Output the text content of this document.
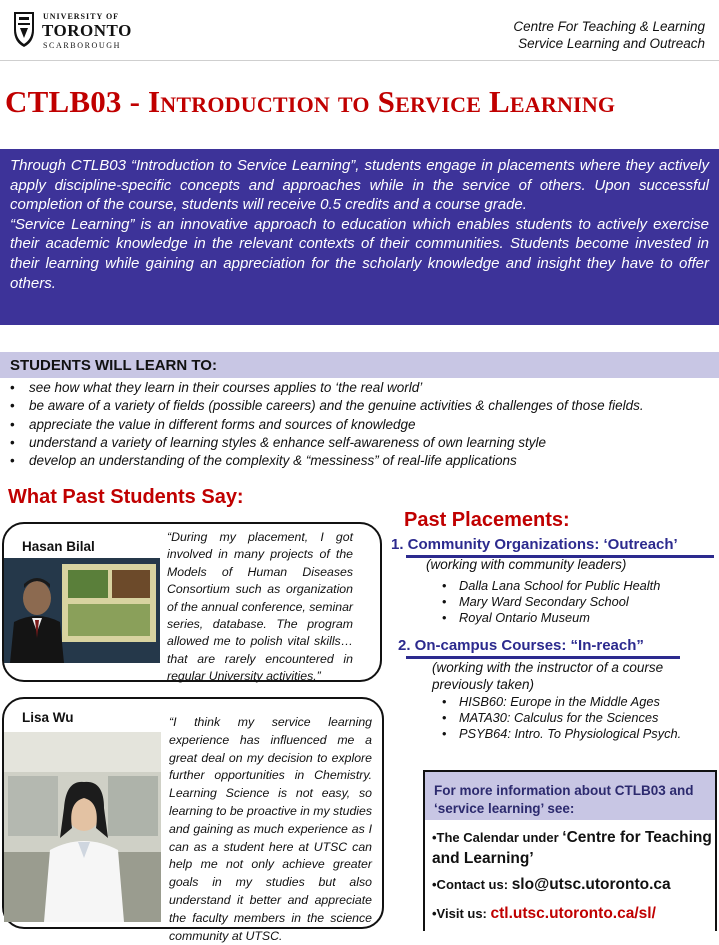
UNIVERSITY OF
TORONTO
SCARBOROUGH
Centre For Teaching & Learning
Service Learning and Outreach
CTLB03 - Introduction to Service Learning

Through CTLB03 “Introduction to Service Learning”, students engage in placements where they actively apply discipline-specific concepts and approaches while in the service of others. Upon successful completion of the course, students will receive 0.5 credits and a course grade.

“Service Learning” is an innovative approach to education which enables students to actively exercise their academic knowledge in the relevant contexts of their communities. Students become invested in their learning while gaining an appreciation for the scholarly knowledge and insight they have to offer others.

STUDENTS WILL LEARN TO:
• see how what they learn in their courses applies to ‘the real world’
• be aware of a variety of fields (possible careers) and the genuine activities & challenges of those fields.
• appreciate the value in different forms and sources of knowledge
• understand a variety of learning styles & enhance self-awareness of own learning style
• develop an understanding of the complexity & “messiness” of real-life applications
What Past Students Say:
Hasan Bilal
“During my placement, I got involved in many projects of the Models of Human Diseases Consortium such as organization of the annual conference, seminar series, database. The program allowed me to polish vital skills… that are rarely encountered in regular University activities.”
Lisa Wu	“I think my service learning experience has influenced me a great deal on my decision to explore further opportunities in Chemistry. Learning Science is not easy, so learning to be proactive in my studies and gaining as much experience as I can as a student here at UTSC can help me not only achieve greater goals in my studies but also understand it better and appreciate the faculty members in the science community at UTSC.
Past Placements:
1. Community Organizations: ‘Outreach’
(working with community leaders)
• Dalla Lana School for Public Health
• Mary Ward Secondary School
• Royal Ontario Museum
2. On-campus Courses: “In-reach”
(working with the instructor of a course previously taken)
• HISB60: Europe in the Middle Ages
• MATA30: Calculus for the Sciences
• PSYB64: Intro. To Physiological Psych.
For more information about CTLB03 and ‘service learning’ see:
•The Calendar under ‘Centre for Teaching and Learning’
•Contact us: slo@utsc.utoronto.ca
•Visit us: ctl.utsc.utoronto.ca/sl/
